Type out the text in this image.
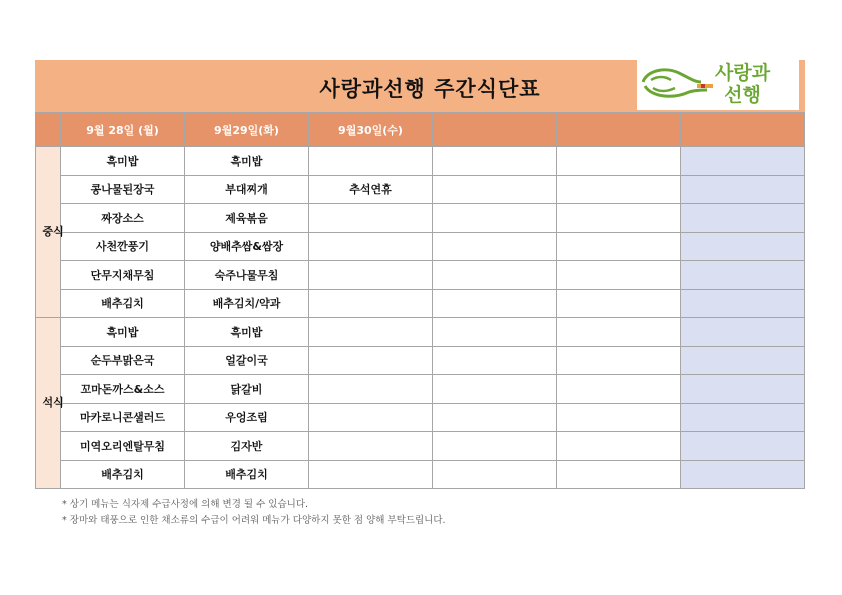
사랑과선행 주간식단표
사랑과
선행
	9월 28일 (월)	9월29일(화)	9월30일(수)			
중식	흑미밥	흑미밥				
	콩나물된장국	부대찌개	추석연휴			
	짜장소스	제육볶음				
	사천깐풍기	양배추쌈&쌈장				
	단무지채무침	숙주나물무침				
	배추김치	배추김치/약과				
석식	흑미밥	흑미밥				
	순두부맑은국	얼갈이국				
	꼬마돈까스&소스	닭갈비				
	마카로니콘샐러드	우엉조림				
	미역오리엔탈무침	김자반				
	배추김치	배추김치				
* 상기 메뉴는 식자제 수급사정에 의해 변경 될 수 있습니다.
* 장마와 태풍으로 인한 채소류의 수급이 어려워 메뉴가 다양하지 못한 점 양해 부탁드립니다.
